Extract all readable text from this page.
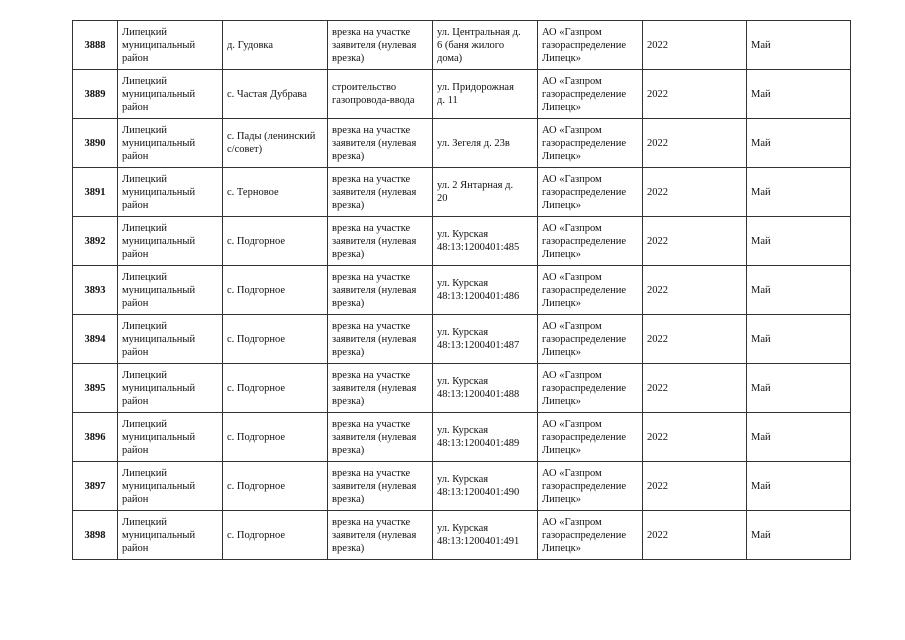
3888	Липецкий
муниципальный
район	д. Гудовка	врезка на участке
заявителя (нулевая
врезка)	ул. Центральная д.
6 (баня жилого
дома)	АО «Газпром
газораспределение
Липецк»	2022	Май
3889	Липецкий
муниципальный
район	с. Частая Дубрава	строительство
газопровода-ввода	ул. Придорожная
д. 11	АО «Газпром
газораспределение
Липецк»	2022	Май
3890	Липецкий
муниципальный
район	с. Пады (ленинский
с/совет)	врезка на участке
заявителя (нулевая
врезка)	ул. Зегеля д. 23в	АО «Газпром
газораспределение
Липецк»	2022	Май
3891	Липецкий
муниципальный
район	с. Терновое	врезка на участке
заявителя (нулевая
врезка)	ул. 2 Янтарная д.
20	АО «Газпром
газораспределение
Липецк»	2022	Май
3892	Липецкий
муниципальный
район	с. Подгорное	врезка на участке
заявителя (нулевая
врезка)	ул. Курская
48:13:1200401:485	АО «Газпром
газораспределение
Липецк»	2022	Май
3893	Липецкий
муниципальный
район	с. Подгорное	врезка на участке
заявителя (нулевая
врезка)	ул. Курская
48:13:1200401:486	АО «Газпром
газораспределение
Липецк»	2022	Май
3894	Липецкий
муниципальный
район	с. Подгорное	врезка на участке
заявителя (нулевая
врезка)	ул. Курская
48:13:1200401:487	АО «Газпром
газораспределение
Липецк»	2022	Май
3895	Липецкий
муниципальный
район	с. Подгорное	врезка на участке
заявителя (нулевая
врезка)	ул. Курская
48:13:1200401:488	АО «Газпром
газораспределение
Липецк»	2022	Май
3896	Липецкий
муниципальный
район	с. Подгорное	врезка на участке
заявителя (нулевая
врезка)	ул. Курская
48:13:1200401:489	АО «Газпром
газораспределение
Липецк»	2022	Май
3897	Липецкий
муниципальный
район	с. Подгорное	врезка на участке
заявителя (нулевая
врезка)	ул. Курская
48:13:1200401:490	АО «Газпром
газораспределение
Липецк»	2022	Май
3898	Липецкий
муниципальный
район	с. Подгорное	врезка на участке
заявителя (нулевая
врезка)	ул. Курская
48:13:1200401:491	АО «Газпром
газораспределение
Липецк»	2022	Май
